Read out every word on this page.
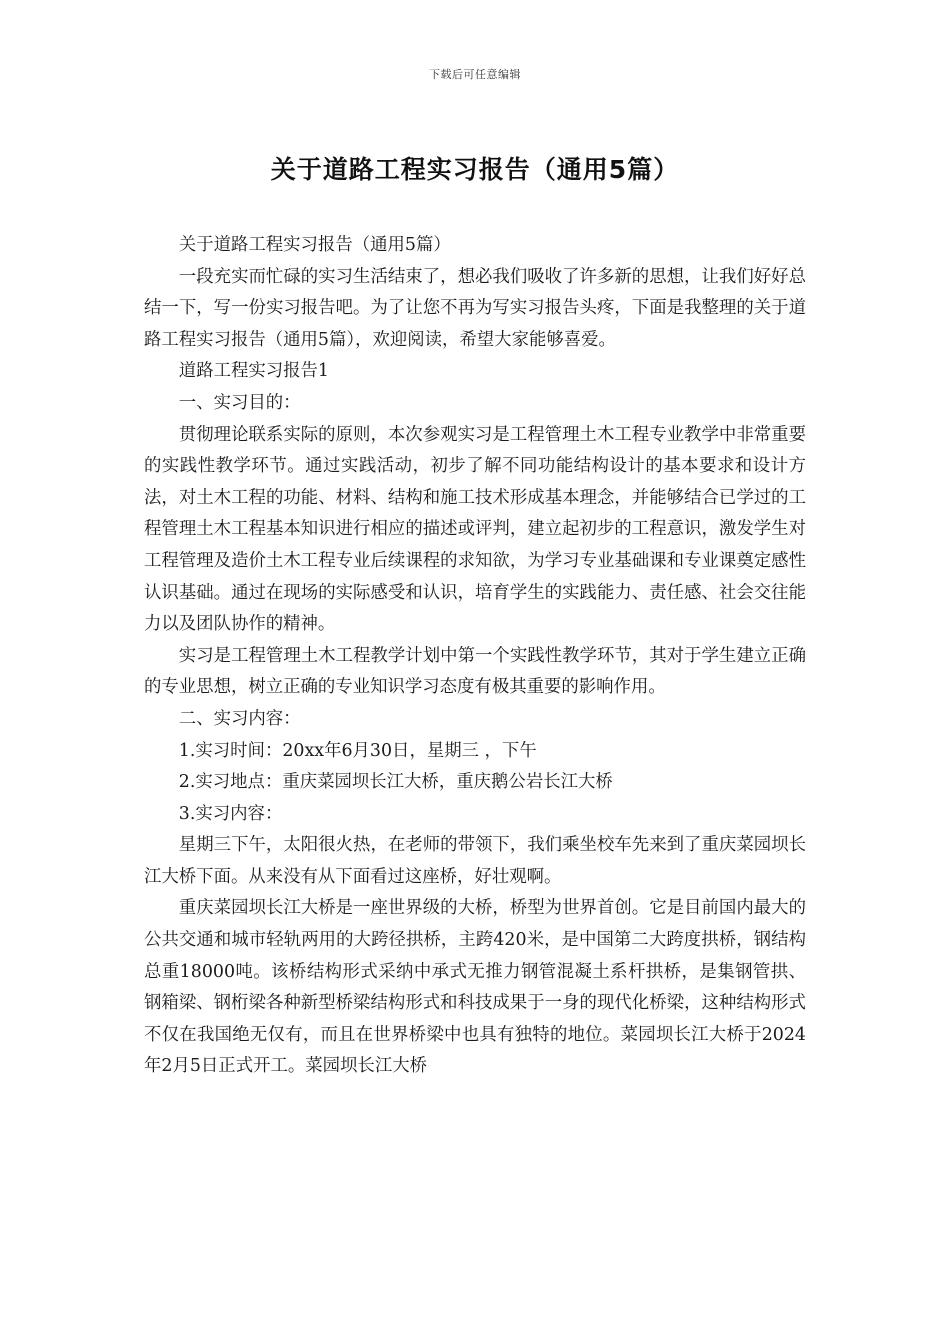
下载后可任意编辑
关于道路工程实习报告（通用5篇）

关于道路工程实习报告（通用5篇）

一段充实而忙碌的实习生活结束了，想必我们吸收了许多新的思想，让我们好好总结一下，写一份实习报告吧。为了让您不再为写实习报告头疼，下面是我整理的关于道路工程实习报告（通用5篇），欢迎阅读，希望大家能够喜爱。

道路工程实习报告1

一、实习目的：

贯彻理论联系实际的原则，本次参观实习是工程管理土木工程专业教学中非常重要的实践性教学环节。通过实践活动，初步了解不同功能结构设计的基本要求和设计方法，对土木工程的功能、材料、结构和施工技术形成基本理念，并能够结合已学过的工程管理土木工程基本知识进行相应的描述或评判，建立起初步的工程意识，激发学生对工程管理及造价土木工程专业后续课程的求知欲，为学习专业基础课和专业课奠定感性认识基础。通过在现场的实际感受和认识，培育学生的实践能力、责任感、社会交往能力以及团队协作的精神。

实习是工程管理土木工程教学计划中第一个实践性教学环节，其对于学生建立正确的专业思想，树立正确的专业知识学习态度有极其重要的影响作用。

二、实习内容：

1.实习时间：20xx年6月30日，星期三 ，下午

2.实习地点：重庆菜园坝长江大桥，重庆鹅公岩长江大桥

3.实习内容：

星期三下午，太阳很火热，在老师的带领下，我们乘坐校车先来到了重庆菜园坝长江大桥下面。从来没有从下面看过这座桥，好壮观啊。

重庆菜园坝长江大桥是一座世界级的大桥，桥型为世界首创。它是目前国内最大的公共交通和城市轻轨两用的大跨径拱桥，主跨420米，是中国第二大跨度拱桥，钢结构总重18000吨。该桥结构形式采纳中承式无推力钢管混凝土系杆拱桥，是集钢管拱、钢箱梁、钢桁梁各种新型桥梁结构形式和科技成果于一身的现代化桥梁，这种结构形式不仅在我国绝无仅有，而且在世界桥梁中也具有独特的地位。菜园坝长江大桥于2024年2月5日正式开工。菜园坝长江大桥
